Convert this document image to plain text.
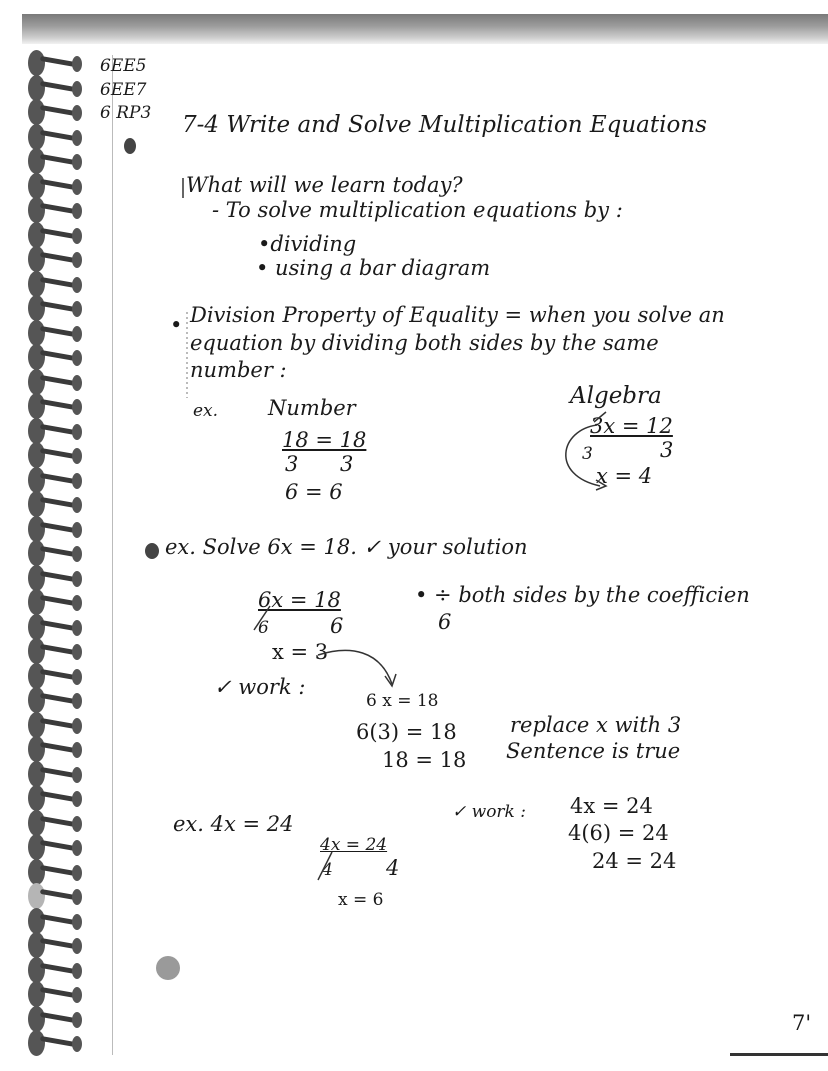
6EE5
6EE7
6 RP3 7-4 Write and Solve Multiplication Equations
What will we learn today?
- To solve multiplication equations by :
•dividing
• using a bar diagram
• Division Property of Equality = when you solve an
equation by dividing both sides by the same
number :
ex. Number
18 = 18
3 3
6 = 6
Algebra
3x = 12
3
x = 4
3
ex. Solve 6x = 18. ✓ your solution
6x = 18
6
6
x = 3
• ÷ both sides by the coefficien
6
✓ work :
6 x = 18
6(3) = 18
18 = 18
replace x with 3
Sentence is true
ex. 4x = 24
4x = 24
4
4
x = 6
✓ work : 4x = 24
4(6) = 24
24 = 24
7'
